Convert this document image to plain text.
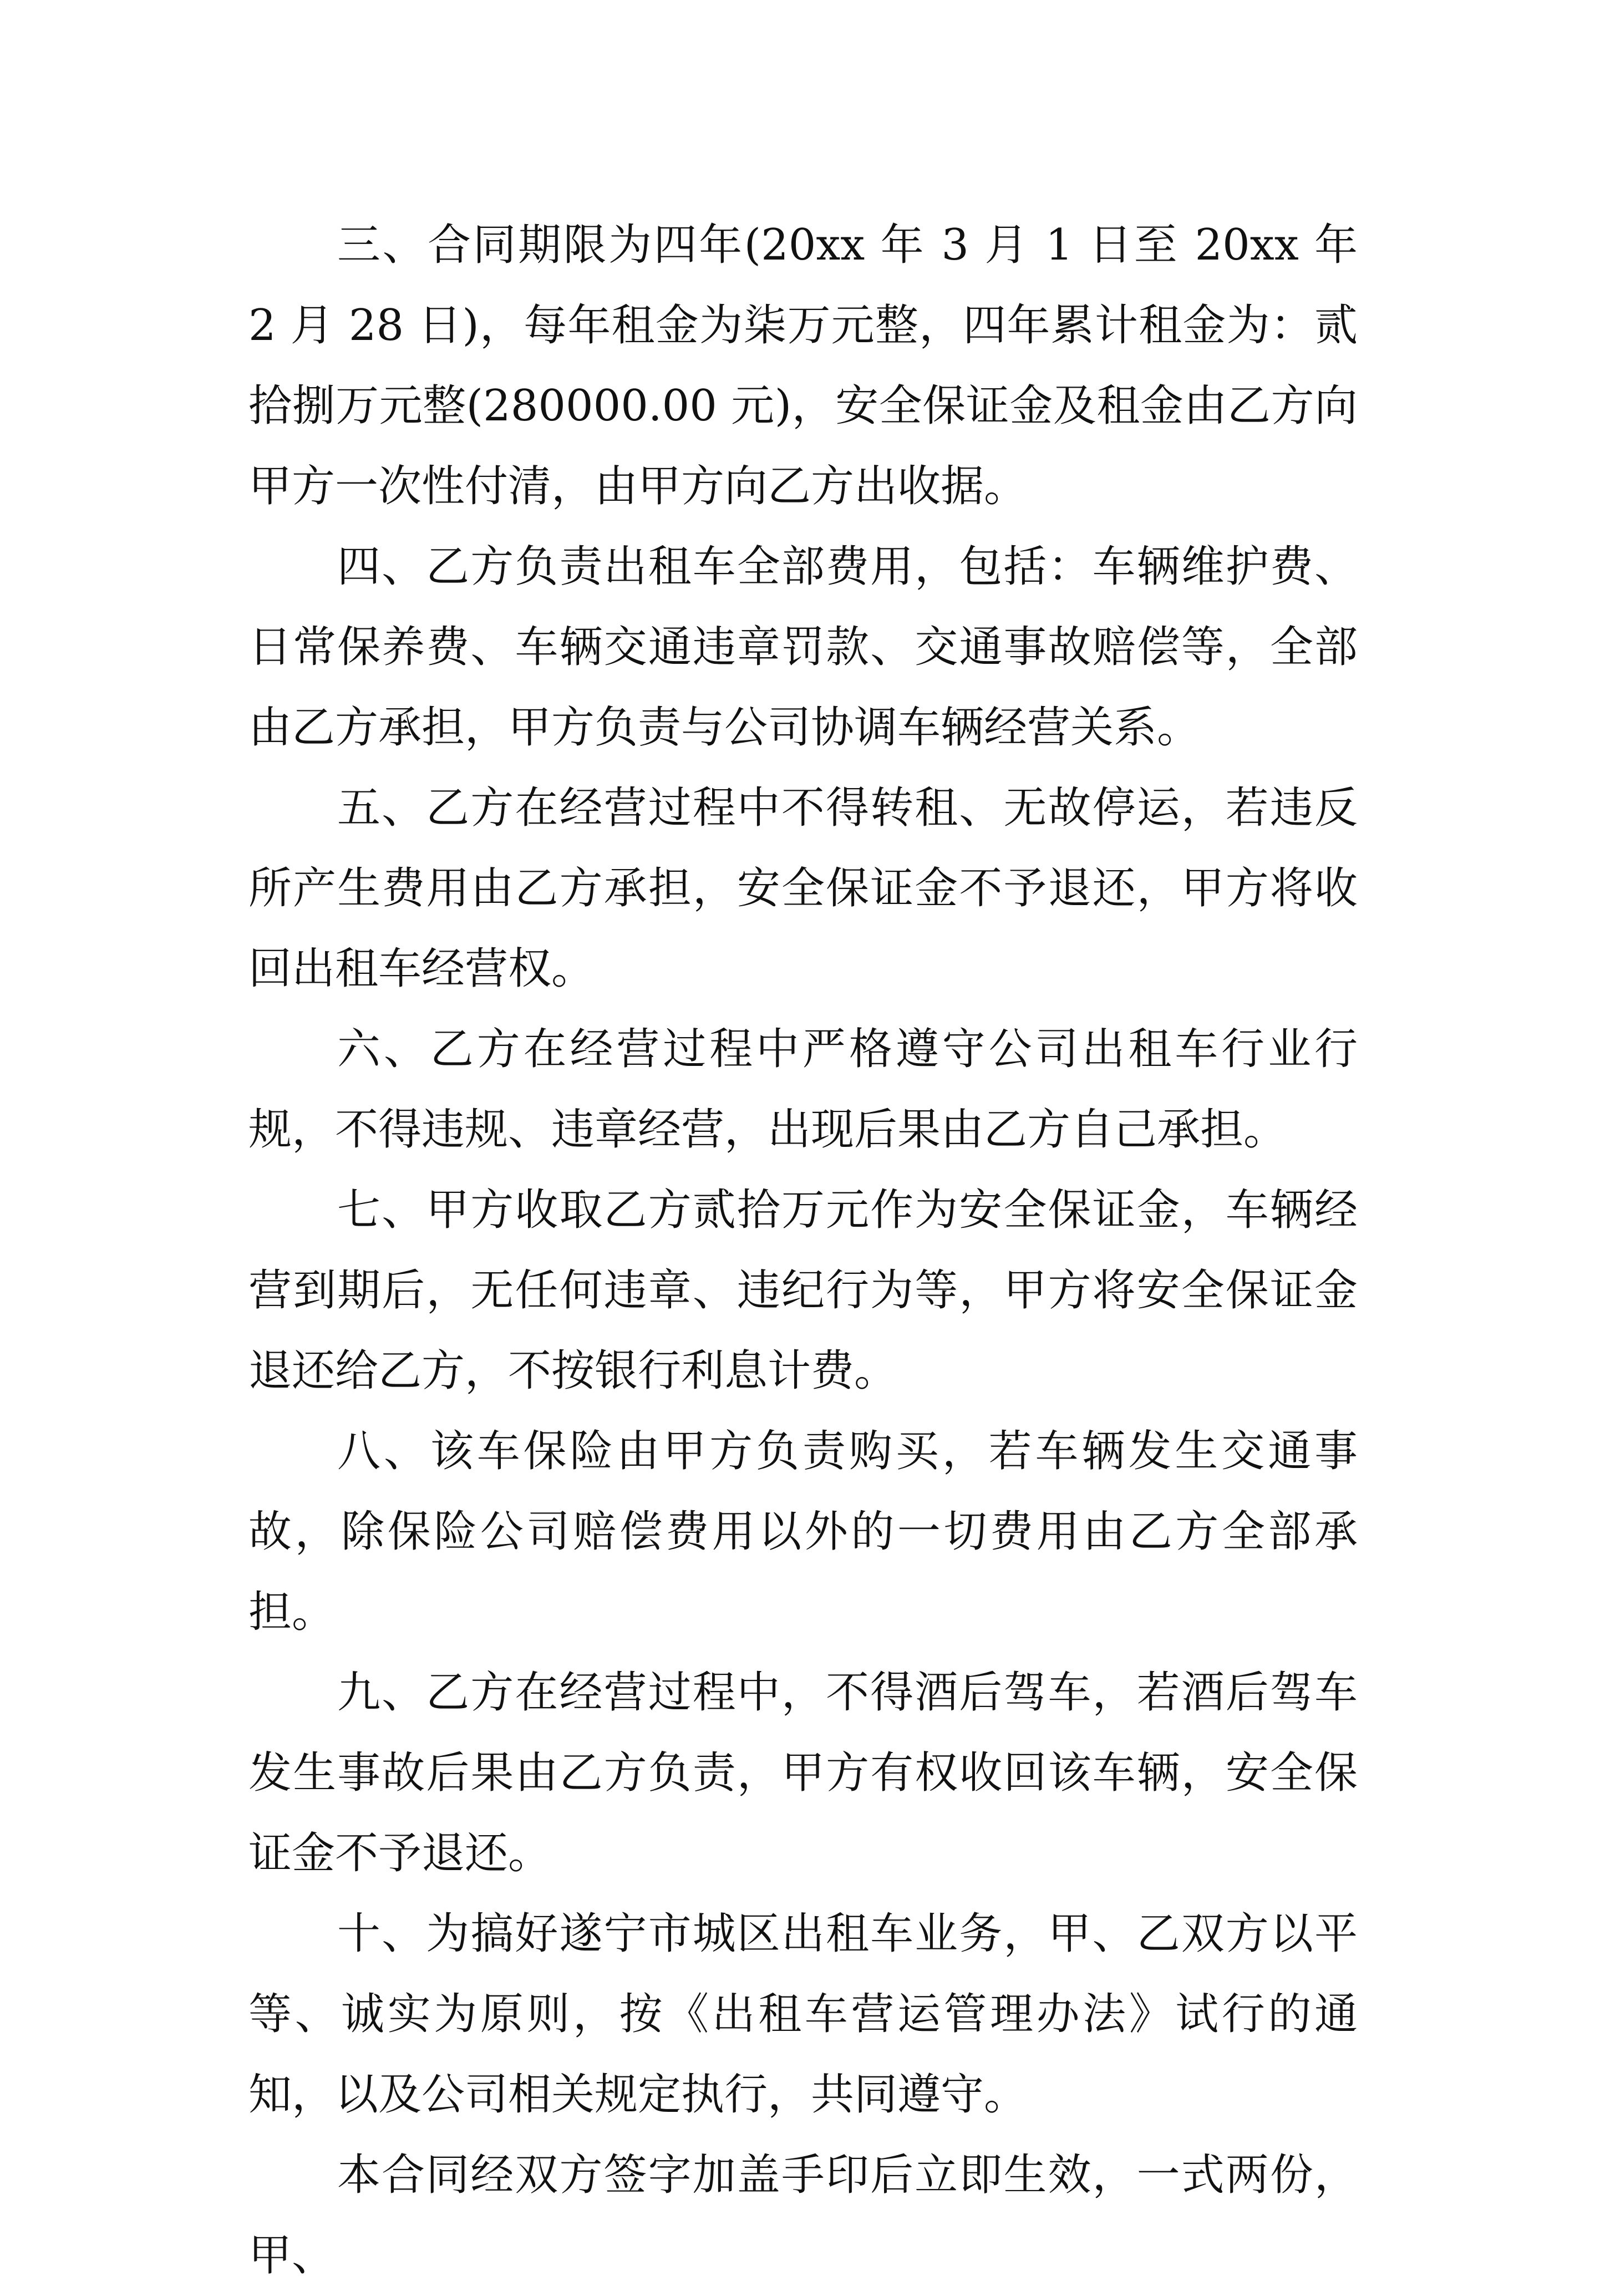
三、合同期限为四年(20xx 年 3 月 1 日至 20xx 年 2 月 28 日)，每年租金为柒万元整，四年累计租金为：贰拾捌万元整(280000.00 元)，安全保证金及租金由乙方向甲方一次性付清，由甲方向乙方出收据。

四、乙方负责出租车全部费用，包括：车辆维护费、日常保养费、车辆交通违章罚款、交通事故赔偿等，全部由乙方承担，甲方负责与公司协调车辆经营关系。

五、乙方在经营过程中不得转租、无故停运，若违反所产生费用由乙方承担，安全保证金不予退还，甲方将收回出租车经营权。

六、乙方在经营过程中严格遵守公司出租车行业行规，不得违规、违章经营，出现后果由乙方自己承担。

七、甲方收取乙方贰拾万元作为安全保证金，车辆经营到期后，无任何违章、违纪行为等，甲方将安全保证金退还给乙方，不按银行利息计费。

八、该车保险由甲方负责购买，若车辆发生交通事故，除保险公司赔偿费用以外的一切费用由乙方全部承担。

九、乙方在经营过程中，不得酒后驾车，若酒后驾车发生事故后果由乙方负责，甲方有权收回该车辆，安全保证金不予退还。

十、为搞好遂宁市城区出租车业务，甲、乙双方以平等、诚实为原则，按《出租车营运管理办法》试行的通知，以及公司相关规定执行，共同遵守。

本合同经双方签字加盖手印后立即生效，一式两份，甲、
